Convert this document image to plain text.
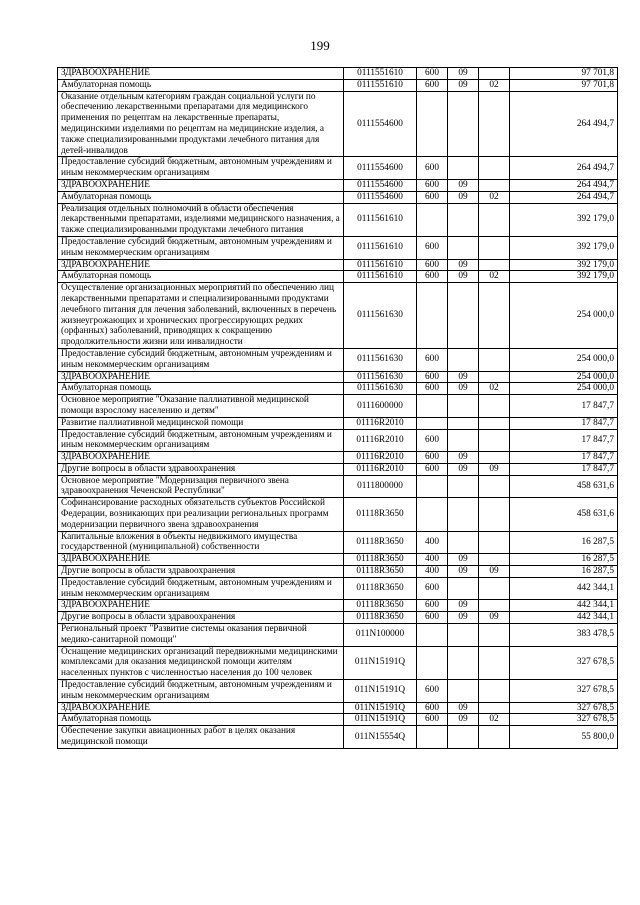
199
ЗДРАВООХРАНЕНИЕ	0111551610	600	09		97 701,8
Амбулаторная помощь	0111551610	600	09	02	97 701,8
Оказание отдельным категориям граждан социальной услуги по обеспечению лекарственными препаратами для медицинского применения по рецептам на лекарственные препараты, медицинскими изделиями по рецептам на медицинские изделия, а также специализированными продуктами лечебного питания для детей-инвалидов	0111554600				264 494,7
Предоставление субсидий бюджетным, автономным учреждениям и иным некоммерческим организациям	0111554600	600			264 494,7
ЗДРАВООХРАНЕНИЕ	0111554600	600	09		264 494,7
Амбулаторная помощь	0111554600	600	09	02	264 494,7
Реализация отдельных полномочий в области обеспечения лекарственными препаратами, изделиями медицинского назначения, а также специализированными продуктами лечебного питания	0111561610				392 179,0
Предоставление субсидий бюджетным, автономным учреждениям и иным некоммерческим организациям	0111561610	600			392 179,0
ЗДРАВООХРАНЕНИЕ	0111561610	600	09		392 179,0
Амбулаторная помощь	0111561610	600	09	02	392 179,0
Осуществление организационных мероприятий по обеспечению лиц лекарственными препаратами и специализированными продуктами лечебного питания для лечения заболеваний, включенных в перечень жизнеугрожающих и хронических прогрессирующих редких (орфанных) заболеваний, приводящих к сокращению продолжительности жизни или инвалидности	0111561630				254 000,0
Предоставление субсидий бюджетным, автономным учреждениям и иным некоммерческим организациям	0111561630	600			254 000,0
ЗДРАВООХРАНЕНИЕ	0111561630	600	09		254 000,0
Амбулаторная помощь	0111561630	600	09	02	254 000,0
Основное мероприятие "Оказание паллиативной медицинской помощи взрослому населению и детям"	0111600000				17 847,7
Развитие паллиативной медицинской помощи	01116R2010				17 847,7
Предоставление субсидий бюджетным, автономным учреждениям и иным некоммерческим организациям	01116R2010	600			17 847,7
ЗДРАВООХРАНЕНИЕ	01116R2010	600	09		17 847,7
Другие вопросы в области здравоохранения	01116R2010	600	09	09	17 847,7
Основное мероприятие "Модернизация первичного звена здравоохранения Чеченской Республики"	0111800000				458 631,6
Софинансирование расходных обязательств субъектов Российской Федерации, возникающих при реализации региональных программ модернизации первичного звена здравоохранения	01118R3650				458 631,6
Капитальные вложения в объекты недвижимого имущества государственной (муниципальной) собственности	01118R3650	400			16 287,5
ЗДРАВООХРАНЕНИЕ	01118R3650	400	09		16 287,5
Другие вопросы в области здравоохранения	01118R3650	400	09	09	16 287,5
Предоставление субсидий бюджетным, автономным учреждениям и иным некоммерческим организациям	01118R3650	600			442 344,1
ЗДРАВООХРАНЕНИЕ	01118R3650	600	09		442 344,1
Другие вопросы в области здравоохранения	01118R3650	600	09	09	442 344,1
Региональный проект "Развитие системы оказания первичной медико-санитарной помощи"	011N100000				383 478,5
Оснащение медицинских организаций передвижными медицинскими комплексами для оказания медицинской помощи жителям населенных пунктов с численностью населения до 100 человек	011N15191Q				327 678,5
Предоставление субсидий бюджетным, автономным учреждениям и иным некоммерческим организациям	011N15191Q	600			327 678,5
ЗДРАВООХРАНЕНИЕ	011N15191Q	600	09		327 678,5
Амбулаторная помощь	011N15191Q	600	09	02	327 678,5
Обеспечение закупки авиационных работ в целях оказания медицинской помощи	011N15554Q				55 800,0
